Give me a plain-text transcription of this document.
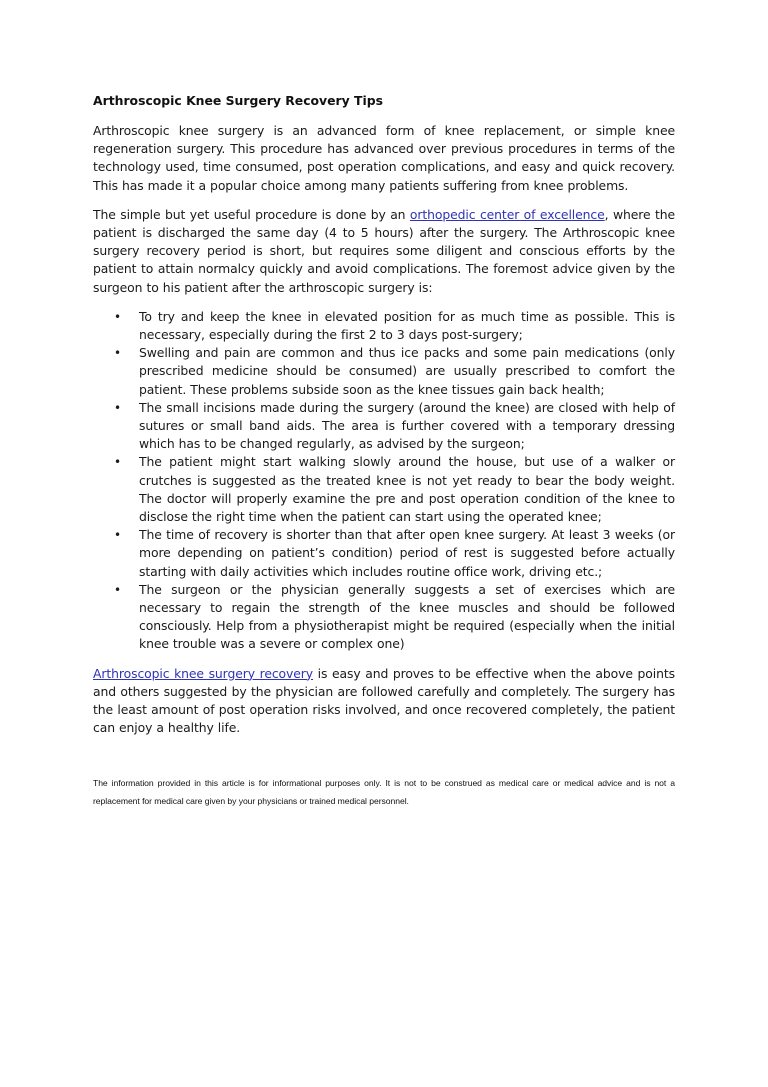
Arthroscopic Knee Surgery Recovery Tips

Arthroscopic knee surgery is an advanced form of knee replacement, or simple knee regeneration surgery. This procedure has advanced over previous procedures in terms of the technology used, time consumed, post operation complications, and easy and quick recovery. This has made it a popular choice among many patients suffering from knee problems.

The simple but yet useful procedure is done by an orthopedic center of excellence, where the patient is discharged the same day (4 to 5 hours) after the surgery. The Arthroscopic knee surgery recovery period is short, but requires some diligent and conscious efforts by the patient to attain normalcy quickly and avoid complications. The foremost advice given by the surgeon to his patient after the arthroscopic surgery is:

• To try and keep the knee in elevated position for as much time as possible. This is necessary, especially during the first 2 to 3 days post-surgery;
• Swelling and pain are common and thus ice packs and some pain medications (only prescribed medicine should be consumed) are usually prescribed to comfort the patient. These problems subside soon as the knee tissues gain back health;
• The small incisions made during the surgery (around the knee) are closed with help of sutures or small band aids. The area is further covered with a temporary dressing which has to be changed regularly, as advised by the surgeon;
• The patient might start walking slowly around the house, but use of a walker or crutches is suggested as the treated knee is not yet ready to bear the body weight. The doctor will properly examine the pre and post operation condition of the knee to disclose the right time when the patient can start using the operated knee;
• The time of recovery is shorter than that after open knee surgery. At least 3 weeks (or more depending on patient’s condition) period of rest is suggested before actually starting with daily activities which includes routine office work, driving etc.;
• The surgeon or the physician generally suggests a set of exercises which are necessary to regain the strength of the knee muscles and should be followed consciously. Help from a physiotherapist might be required (especially when the initial knee trouble was a severe or complex one)

Arthroscopic knee surgery recovery is easy and proves to be effective when the above points and others suggested by the physician are followed carefully and completely. The surgery has the least amount of post operation risks involved, and once recovered completely, the patient can enjoy a healthy life.

The information provided in this article is for informational purposes only. It is not to be construed as medical care or medical advice and is not a replacement for medical care given by your physicians or trained medical personnel.
